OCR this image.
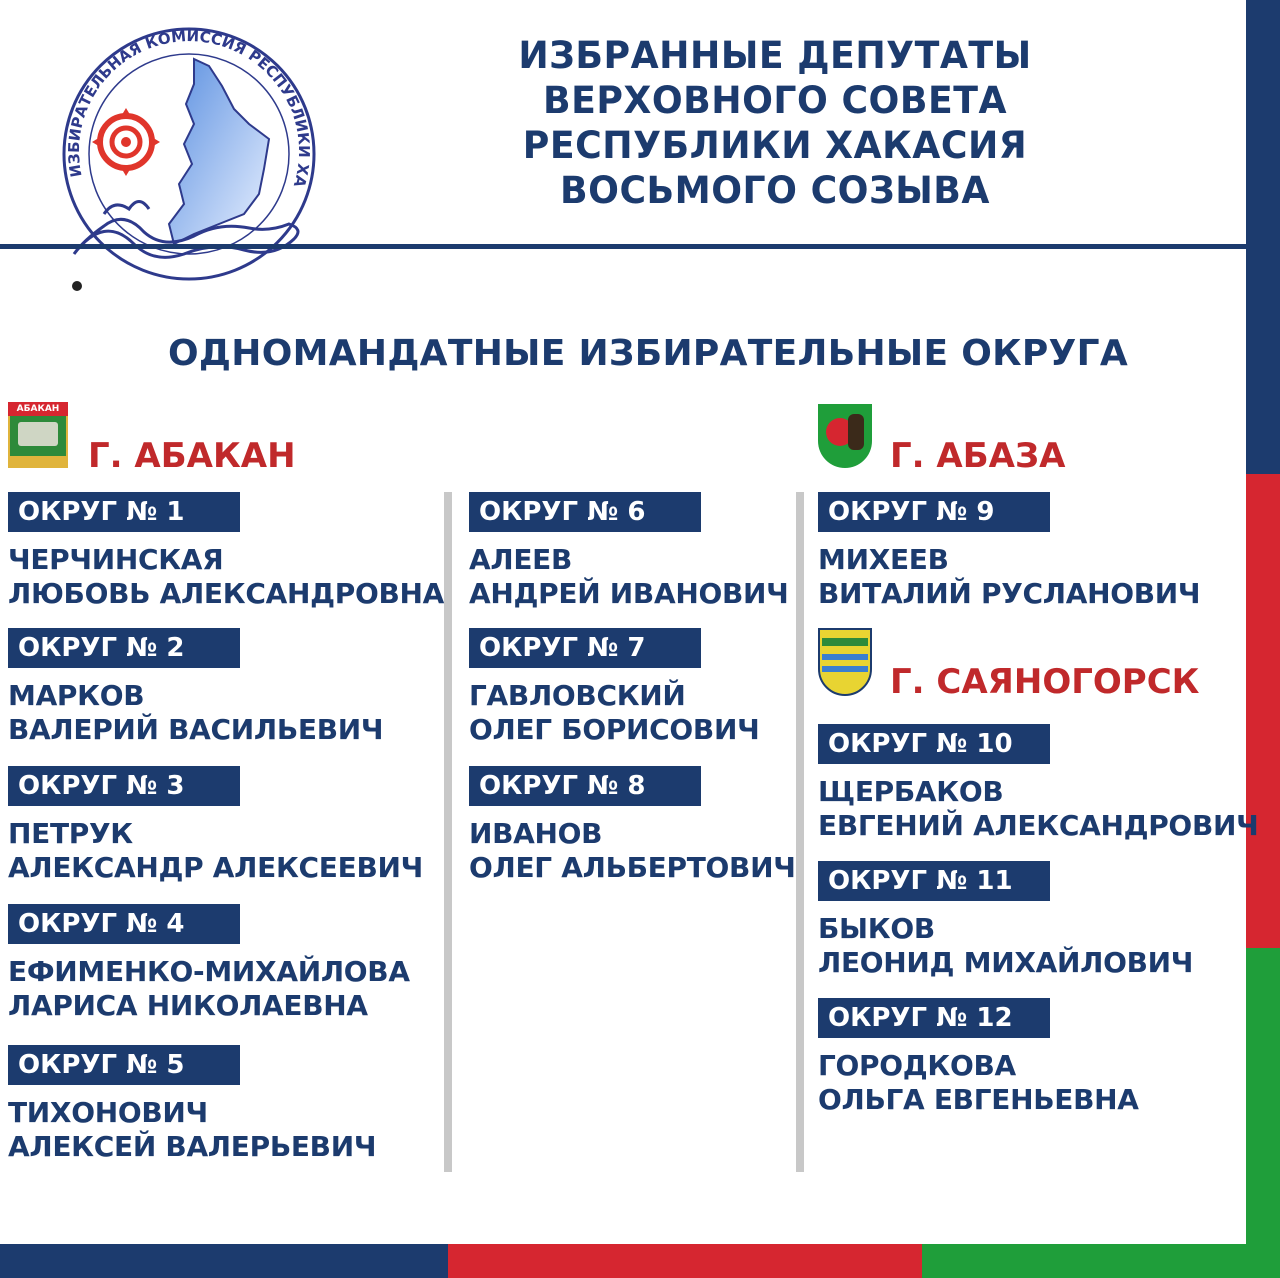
ИЗБИРАТЕЛЬНАЯ КОМИССИЯ РЕСПУБЛИКИ ХА
ИЗБРАННЫЕ ДЕПУТАТЫ
ВЕРХОВНОГО СОВЕТА
РЕСПУБЛИКИ ХАКАСИЯ
ВОСЬМОГО СОЗЫВА
ОДНОМАНДАТНЫЕ ИЗБИРАТЕЛЬНЫЕ ОКРУГА
АБАКАН
Г. АБАКАН	Г. АБАЗА
Г. САЯНОГОРСК
ОКРУГ № 1
ЧЕРЧИНСКАЯ
ЛЮБОВЬ АЛЕКСАНДРОВНА
ОКРУГ № 2
МАРКОВ
ВАЛЕРИЙ ВАСИЛЬЕВИЧ
ОКРУГ № 3
ПЕТРУК
АЛЕКСАНДР АЛЕКСЕЕВИЧ
ОКРУГ № 4
ЕФИМЕНКО-МИХАЙЛОВА
ЛАРИСА НИКОЛАЕВНА
ОКРУГ № 5
ТИХОНОВИЧ
АЛЕКСЕЙ ВАЛЕРЬЕВИЧ
ОКРУГ № 6
АЛЕЕВ
АНДРЕЙ ИВАНОВИЧ
ОКРУГ № 7
ГАВЛОВСКИЙ
ОЛЕГ БОРИСОВИЧ
ОКРУГ № 8
ИВАНОВ
ОЛЕГ АЛЬБЕРТОВИЧ
ОКРУГ № 9
МИХЕЕВ
ВИТАЛИЙ РУСЛАНОВИЧ
ОКРУГ № 10
ЩЕРБАКОВ
ЕВГЕНИЙ АЛЕКСАНДРОВИЧ
ОКРУГ № 11
БЫКОВ
ЛЕОНИД МИХАЙЛОВИЧ
ОКРУГ № 12
ГОРОДКОВА
ОЛЬГА ЕВГЕНЬЕВНА
